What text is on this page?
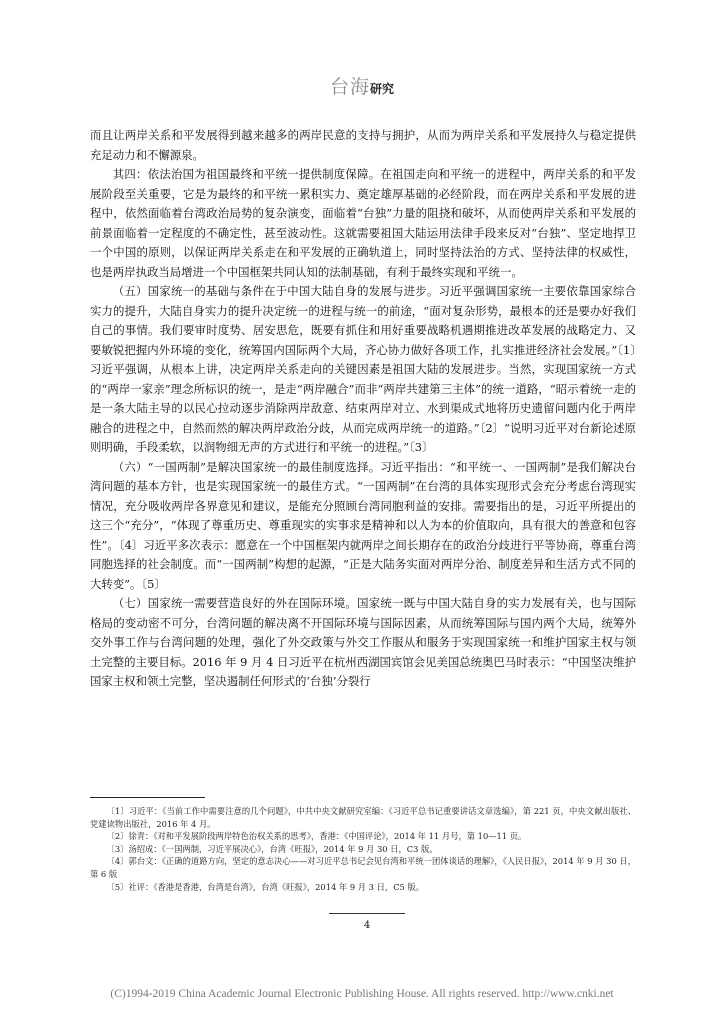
台海研究

而且让两岸关系和平发展得到越来越多的两岸民意的支持与拥护，从而为两岸关系和平发展持久与稳定提供充足动力和不懈源泉。

其四：依法治国为祖国最终和平统一提供制度保障。在祖国走向和平统一的进程中，两岸关系的和平发展阶段至关重要，它是为最终的和平统一累积实力、奠定雄厚基础的必经阶段，而在两岸关系和平发展的进程中，依然面临着台湾政治局势的复杂演变，面临着“台独”力量的阻挠和破坏，从而使两岸关系和平发展的前景面临着一定程度的不确定性，甚至波动性。这就需要祖国大陆运用法律手段来反对“台独”、坚定地捍卫一个中国的原则，以保证两岸关系走在和平发展的正确轨道上，同时坚持法治的方式、坚持法律的权威性，也是两岸执政当局增进一个中国框架共同认知的法制基础，有利于最终实现和平统一。

（五）国家统一的基础与条件在于中国大陆自身的发展与进步。习近平强调国家统一主要依靠国家综合实力的提升，大陆自身实力的提升决定统一的进程与统一的前途，“面对复杂形势，最根本的还是要办好我们自己的事情。我们要审时度势、居安思危，既要有抓住和用好重要战略机遇期推进改革发展的战略定力、又要敏锐把握内外环境的变化，统筹国内国际两个大局，齐心协力做好各项工作，扎实推进经济社会发展。”〔1〕习近平强调，从根本上讲，决定两岸关系走向的关键因素是祖国大陆的发展进步。当然，实现国家统一方式的“两岸一家亲”理念所标识的统一，是走“两岸融合”而非“两岸共建第三主体”的统一道路，“昭示着统一走的是一条大陆主导的以民心拉动逐步消除两岸敌意、结束两岸对立、水到渠成式地将历史遗留问题内化于两岸融合的进程之中，自然而然的解决两岸政治分歧，从而完成两岸统一的道路。”〔2〕“说明习近平对台新论述原则明确，手段柔软，以润物细无声的方式进行和平统一的进程。”〔3〕

（六）“一国两制”是解决国家统一的最佳制度选择。习近平指出：“和平统一、一国两制”是我们解决台湾问题的基本方针，也是实现国家统一的最佳方式。“一国两制”在台湾的具体实现形式会充分考虑台湾现实情况，充分吸收两岸各界意见和建议，是能充分照顾台湾同胞利益的安排。需要指出的是，习近平所提出的这三个“充分”，“体现了尊重历史、尊重现实的实事求是精神和以人为本的价值取向，具有很大的善意和包容性”。〔4〕习近平多次表示：愿意在一个中国框架内就两岸之间长期存在的政治分歧进行平等协商，尊重台湾同胞选择的社会制度。而“一国两制”构想的起源，“正是大陆务实面对两岸分治、制度差异和生活方式不同的大转变”。〔5〕

（七）国家统一需要营造良好的外在国际环境。国家统一既与中国大陆自身的实力发展有关，也与国际格局的变动密不可分，台湾问题的解决离不开国际环境与国际因素，从而统筹国际与国内两个大局，统筹外交外事工作与台湾问题的处理，强化了外交政策与外交工作服从和服务于实现国家统一和维护国家主权与领土完整的主要目标。2016 年 9 月 4 日习近平在杭州西湖国宾馆会见美国总统奥巴马时表示：“中国坚决维护国家主权和领土完整，坚决遏制任何形式的‘台独’分裂行

〔1〕习近平：《当前工作中需要注意的几个问题》，中共中央文献研究室编：《习近平总书记重要讲话文章选编》，第 221 页，中央文献出版社、党建读物出版社，2016 年 4 月。

〔2〕徐青：《对和平发展阶段两岸特色治权关系的思考》，香港：《中国评论》，2014 年 11 月号，第 10—11 页。

〔3〕汤绍成：《一国两制，习近平展决心》，台湾《旺报》，2014 年 9 月 30 日，C3 版。

〔4〕郭台文：《正确的道路方向，坚定的意志决心——对习近平总书记会见台湾和平统一团体谈话的理解》，《人民日报》，2014 年 9 月 30 日，第 6 版

〔5〕社评：《香港是香港，台湾是台湾》，台湾《旺报》，2014 年 9 月 3 日，C5 版。

4
(C)1994-2019 China Academic Journal Electronic Publishing House. All rights reserved. http://www.cnki.net
